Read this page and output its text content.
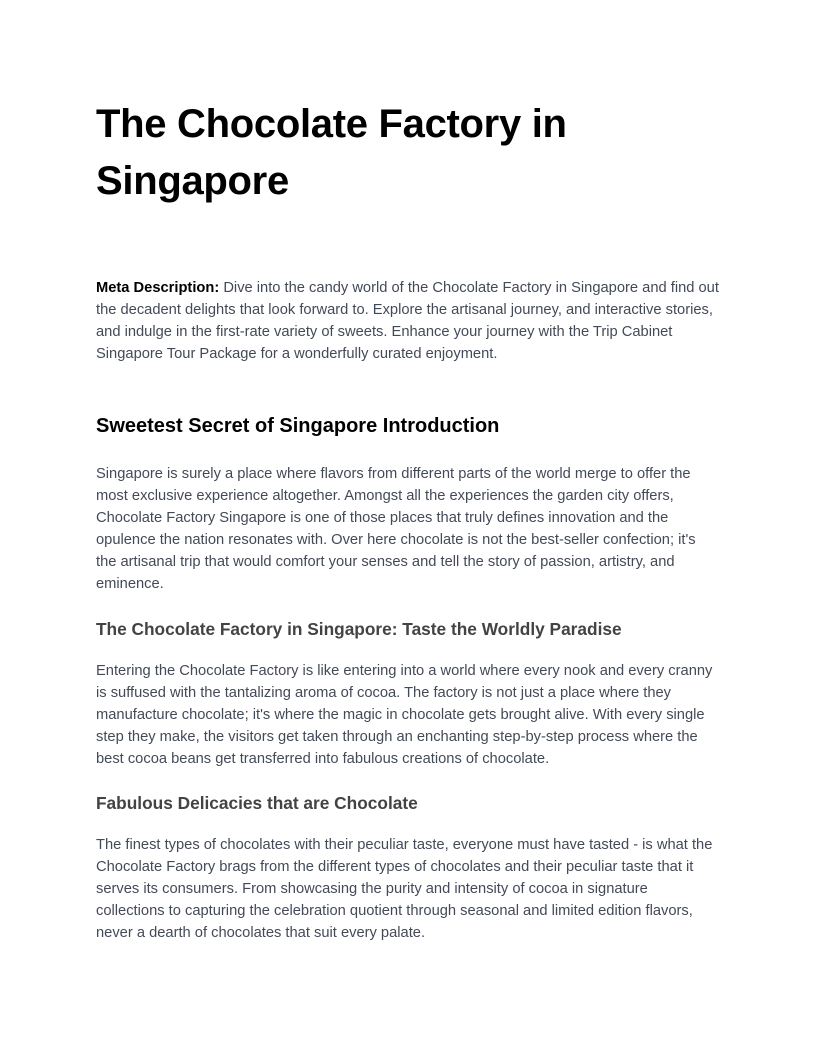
The Chocolate Factory in Singapore

Meta Description: Dive into the candy world of the Chocolate Factory in Singapore and find out the decadent delights that look forward to. Explore the artisanal journey, and interactive stories, and indulge in the first-rate variety of sweets. Enhance your journey with the Trip Cabinet Singapore Tour Package for a wonderfully curated enjoyment.

Sweetest Secret of Singapore Introduction

Singapore is surely a place where flavors from different parts of the world merge to offer the most exclusive experience altogether. Amongst all the experiences the garden city offers, Chocolate Factory Singapore is one of those places that truly defines innovation and the opulence the nation resonates with. Over here chocolate is not the best-seller confection; it's the artisanal trip that would comfort your senses and tell the story of passion, artistry, and eminence.

The Chocolate Factory in Singapore: Taste the Worldly Paradise

Entering the Chocolate Factory is like entering into a world where every nook and every cranny is suffused with the tantalizing aroma of cocoa. The factory is not just a place where they manufacture chocolate; it's where the magic in chocolate gets brought alive. With every single step they make, the visitors get taken through an enchanting step-by-step process where the best cocoa beans get transferred into fabulous creations of chocolate.

Fabulous Delicacies that are Chocolate

The finest types of chocolates with their peculiar taste, everyone must have tasted - is what the Chocolate Factory brags from the different types of chocolates and their peculiar taste that it serves its consumers. From showcasing the purity and intensity of cocoa in signature collections to capturing the celebration quotient through seasonal and limited edition flavors, never a dearth of chocolates that suit every palate.
